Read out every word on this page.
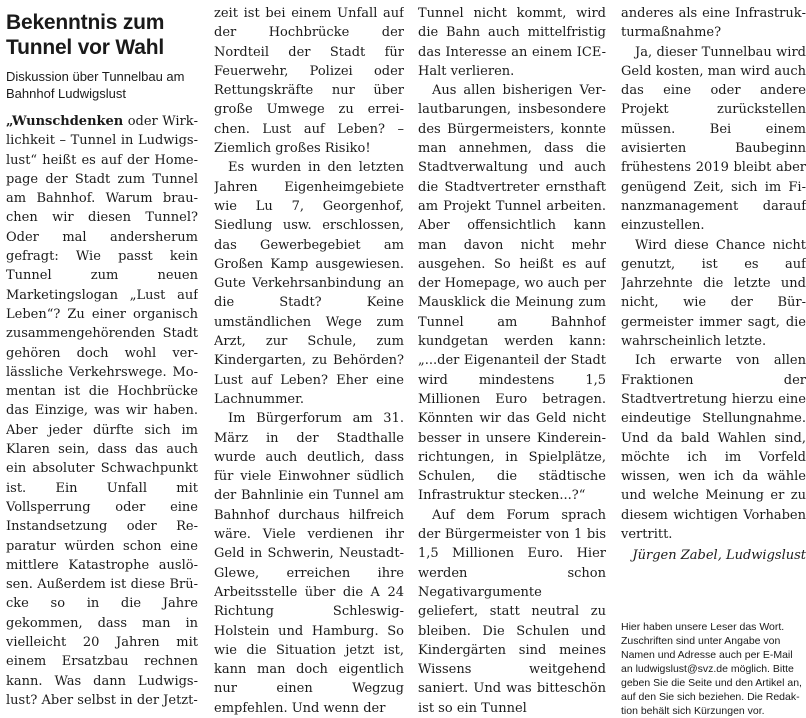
Bekenntnis zum Tunnel vor Wahl
Diskussion über Tunnelbau am Bahnhof Ludwigslust

„Wunschdenken oder Wirklichkeit – Tunnel in Ludwigslust“ heißt es auf der Homepage der Stadt zum Tunnel am Bahnhof. Warum brauchen wir diesen Tunnel? Oder mal andersherum gefragt: Wie passt kein Tunnel zum neuen Marketingslogan „Lust auf Leben“? Zu einer organisch zusammengehörenden Stadt gehören doch wohl verlässliche Verkehrswege. Momentan ist die Hochbrücke das Einzige, was wir haben. Aber jeder dürfte sich im Klaren sein, dass das auch ein absoluter Schwachpunkt ist. Ein Unfall mit Vollsperrung oder eine Instandsetzung oder Reparatur würden schon eine mittlere Katastrophe auslösen. Außerdem ist diese Brücke so in die Jahre gekommen, dass man in vielleicht 20 Jahren mit einem Ersatzbau rechnen kann. Was dann Ludwigslust? Aber selbst in der Jetzt-

zeit ist bei einem Unfall auf der Hochbrücke der Nordteil der Stadt für Feuerwehr, Polizei oder Rettungskräfte nur über große Umwege zu erreichen. Lust auf Leben? – Ziemlich großes Risiko!

Es wurden in den letzten Jahren Eigenheimgebiete wie Lu 7, Georgenhof, Siedlung usw. erschlossen, das Gewerbegebiet am Großen Kamp ausgewiesen. Gute Verkehrsanbindung an die Stadt? Keine umständlichen Wege zum Arzt, zur Schule, zum Kindergarten, zu Behörden? Lust auf Leben? Eher eine Lachnummer.

Im Bürgerforum am 31. März in der Stadthalle wurde auch deutlich, dass für viele Einwohner südlich der Bahnlinie ein Tunnel am Bahnhof durchaus hilfreich wäre. Viele verdienen ihr Geld in Schwerin, Neustadt-Glewe, erreichen ihre Arbeitsstelle über die A 24 Richtung Schleswig-Holstein und Hamburg. So wie die Situation jetzt ist, kann man doch eigentlich nur einen Wegzug empfehlen. Und wenn der

Tunnel nicht kommt, wird die Bahn auch mittelfristig das Interesse an einem ICE-Halt verlieren.

Aus allen bisherigen Verlautbarungen, insbesondere des Bürgermeisters, konnte man annehmen, dass die Stadtverwaltung und auch die Stadtvertreter ernsthaft am Projekt Tunnel arbeiten. Aber offensichtlich kann man davon nicht mehr ausgehen. So heißt es auf der Homepage, wo auch per Mausklick die Meinung zum Tunnel am Bahnhof kundgetan werden kann: „...der Eigenanteil der Stadt wird mindestens 1,5 Millionen Euro betragen. Könnten wir das Geld nicht besser in unsere Kindereinrichtungen, in Spielplätze, Schulen, die städtische Infrastruktur stecken...?“

Auf dem Forum sprach der Bürgermeister von 1 bis 1,5 Millionen Euro. Hier werden schon Negativargumente geliefert, statt neutral zu bleiben. Die Schulen und Kindergärten sind meines Wissens weitgehend saniert. Und was bitteschön ist so ein Tunnel

anderes als eine Infrastrukturmaßnahme?

Ja, dieser Tunnelbau wird Geld kosten, man wird auch das eine oder andere Projekt zurückstellen müssen. Bei einem avisierten Baubeginn frühestens 2019 bleibt aber genügend Zeit, sich im Finanzmanagement darauf einzustellen.

Wird diese Chance nicht genutzt, ist es auf Jahrzehnte die letzte und nicht, wie der Bürgermeister immer sagt, die wahrscheinlich letzte.

Ich erwarte von allen Fraktionen der Stadtvertretung hierzu eine eindeutige Stellungnahme. Und da bald Wahlen sind, möchte ich im Vorfeld wissen, wen ich da wähle und welche Meinung er zu diesem wichtigen Vorhaben vertritt.

Jürgen Zabel, Ludwigslust

Hier haben unsere Leser das Wort. Zuschriften sind unter Angabe von Namen und Adresse auch per E-Mail an ludwigslust@svz.de möglich. Bitte geben Sie die Seite und den Artikel an, auf den Sie sich beziehen. Die Redaktion behält sich Kürzungen vor.
